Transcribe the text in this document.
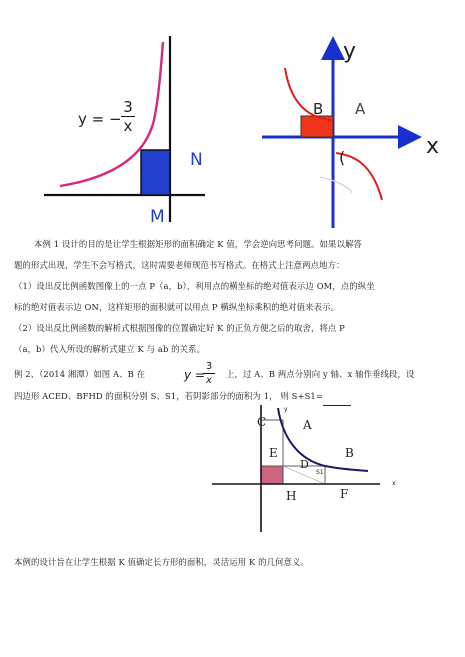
y = −
3
x
N
M
y
x
B A
(
本例 1 设计的目的是让学生根据矩形的面积确定 K 值，学会逆向思考问题。如果以解答
题的形式出现，学生不会写格式，这时需要老师规范书写格式。在格式上注意两点地方：
（1）设出反比例函数图像上的一点 P（a，b），利用点的横坐标的绝对值表示边 OM，点的纵坐
标的绝对值表示边 ON，这样矩形的面积就可以用点 P 横纵坐标乘积的绝对值来表示。
（2）设出反比例函数的解析式根据图像的位置确定好 K 的正负方便之后的取舍，将点 P
（a，b）代入所设的解析式建立 K 与 ab 的关系。
例 2、（2014 湘潭）如图 A、B 在	y =
3
x
上，过 A、B 两点分别向 y 轴、x 轴作垂线段，设
四边形 ACED、BFHD 的面积分别 S、S1，若阴影部分的面积为 1， 则 S+S1=
y
C	A
E	B
S1
D
H	F
x
本例的设计旨在让学生根据 K 值确定长方形的面积，灵活运用 K 的几何意义。
